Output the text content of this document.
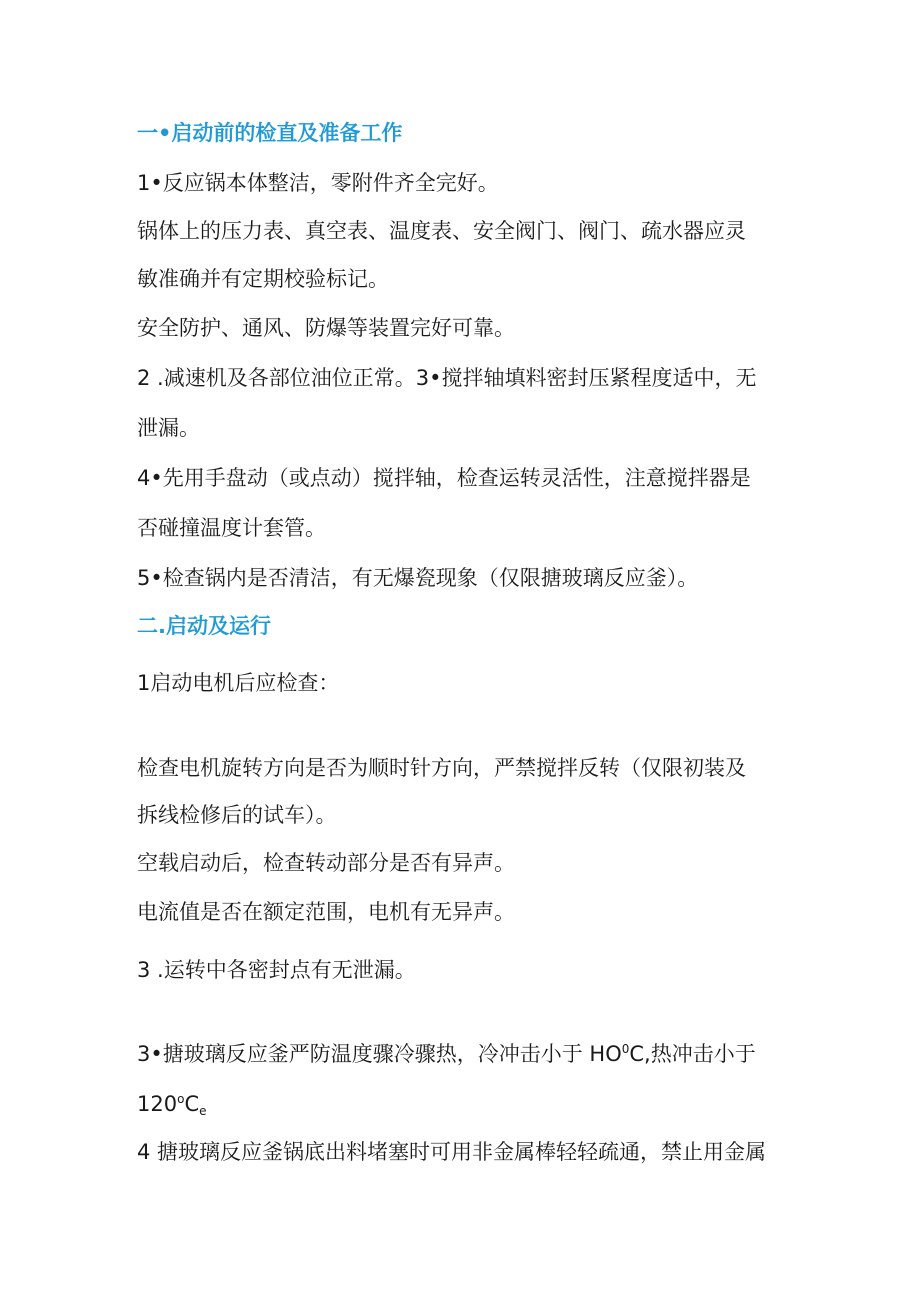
一•启动前的检直及准备工作

1•反应锅本体整洁，零附件齐全完好。

锅体上的压力表、真空表、温度表、安全阀门、阀门、疏水器应灵

敏准确并有定期校验标记。

安全防护、通风、防爆等装置完好可靠。

2 .减速机及各部位油位正常。3•搅拌轴填料密封压紧程度适中，无

泄漏。

4•先用手盘动（或点动）搅拌轴，检查运转灵活性，注意搅拌器是

否碰撞温度计套管。

5•检查锅内是否清洁，有无爆瓷现象（仅限搪玻璃反应釜）。

二.启动及运行

1启动电机后应检查：

检查电机旋转方向是否为顺时针方向，严禁搅拌反转（仅限初装及

拆线检修后的试车）。

空载启动后，检查转动部分是否有异声。

电流值是否在额定范围，电机有无异声。

3 .运转中各密封点有无泄漏。

3•搪玻璃反应釜严防温度骤冷骤热，冷冲击小于 $HO^0C$,热冲击小于

$120^oC_e$

4 搪玻璃反应釜锅底出料堵塞时可用非金属棒轻轻疏通，禁止用金属
